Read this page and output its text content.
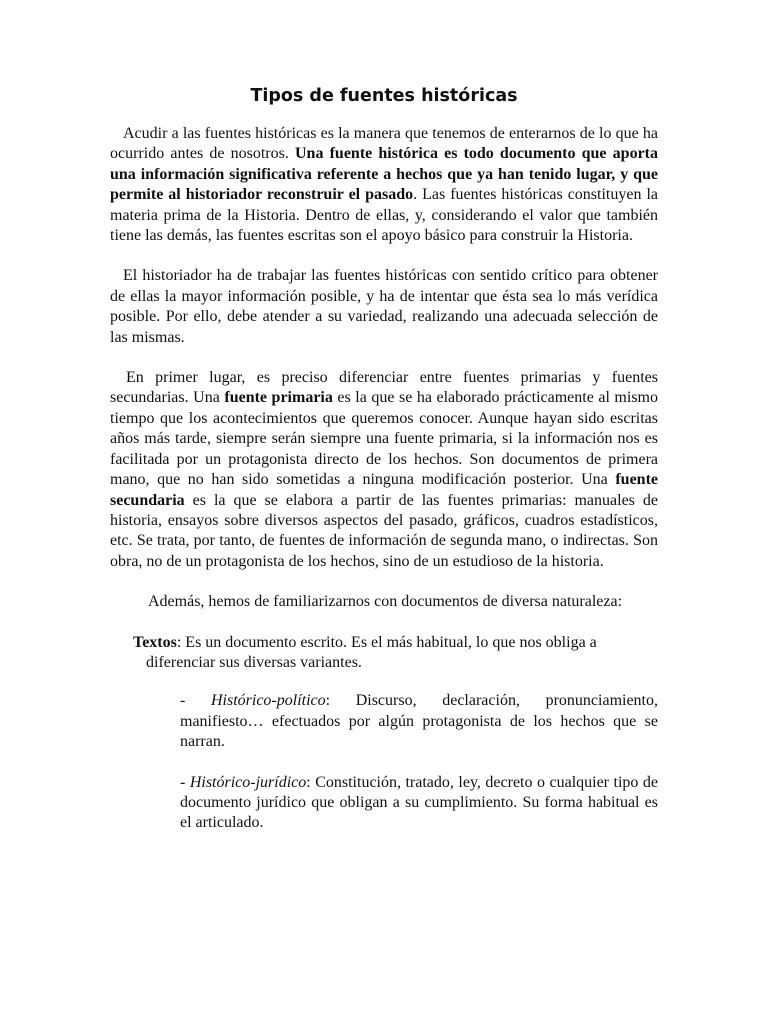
Tipos de fuentes históricas

Acudir a las fuentes históricas es la manera que tenemos de enterarnos de lo que ha ocurrido antes de nosotros. Una fuente histórica es todo documento que aporta una información significativa referente a hechos que ya han tenido lugar, y que permite al historiador reconstruir el pasado. Las fuentes históricas constituyen la materia prima de la Historia. Dentro de ellas, y, considerando el valor que también tiene las demás, las fuentes escritas son el apoyo básico para construir la Historia.

El historiador ha de trabajar las fuentes históricas con sentido crítico para obtener de ellas la mayor información posible, y ha de intentar que ésta sea lo más verídica posible. Por ello, debe atender a su variedad, realizando una adecuada selección de las mismas.

En primer lugar, es preciso diferenciar entre fuentes primarias y fuentes secundarias. Una fuente primaria es la que se ha elaborado prácticamente al mismo tiempo que los acontecimientos que queremos conocer. Aunque hayan sido escritas años más tarde, siempre serán siempre una fuente primaria, si la información nos es facilitada por un protagonista directo de los hechos. Son documentos de primera mano, que no han sido sometidas a ninguna modificación posterior. Una fuente secundaria es la que se elabora a partir de las fuentes primarias: manuales de historia, ensayos sobre diversos aspectos del pasado, gráficos, cuadros estadísticos, etc. Se trata, por tanto, de fuentes de información de segunda mano, o indirectas. Son obra, no de un protagonista de los hechos, sino de un estudioso de la historia.

Además, hemos de familiarizarnos con documentos de diversa naturaleza:

Textos: Es un documento escrito. Es el más habitual, lo que nos obliga a diferenciar sus diversas variantes.

- Histórico-político: Discurso, declaración, pronunciamiento, manifiesto… efectuados por algún protagonista de los hechos que se narran.

- Histórico-jurídico: Constitución, tratado, ley, decreto o cualquier tipo de documento jurídico que obligan a su cumplimiento. Su forma habitual es el articulado.
